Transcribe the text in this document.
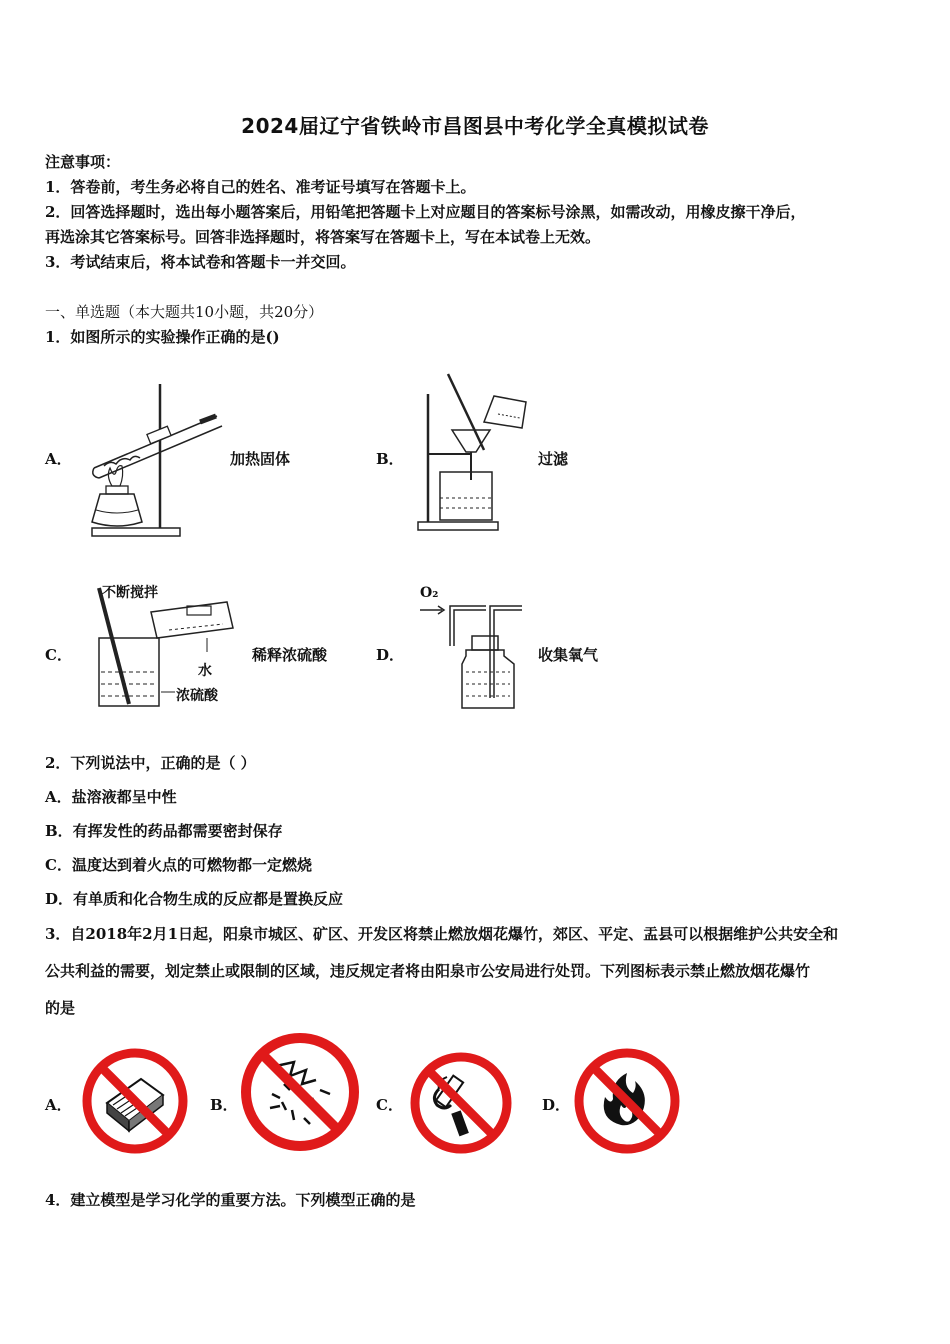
2024届辽宁省铁岭市昌图县中考化学全真模拟试卷
注意事项：
1．答卷前，考生务必将自己的姓名、准考证号填写在答题卡上。
2．回答选择题时，选出每小题答案后，用铅笔把答题卡上对应题目的答案标号涂黑，如需改动，用橡皮擦干净后，
再选涂其它答案标号。回答非选择题时，将答案写在答题卡上，写在本试卷上无效。
3．考试结束后，将本试卷和答题卡一并交回。
一、单选题（本大题共10小题，共20分）
1．如图所示的实验操作正确的是()
A．	加热固体	B．	过滤
C．
不断搅拌
水
浓硫酸
稀释浓硫酸	D．
O₂
收集氧气
2．下列说法中，正确的是（ ）
A．盐溶液都呈中性
B．有挥发性的药品都需要密封保存
C．温度达到着火点的可燃物都一定燃烧
D．有单质和化合物生成的反应都是置换反应
3．自2018年2月1日起，阳泉市城区、矿区、开发区将禁止燃放烟花爆竹，郊区、平定、盂县可以根据维护公共安全和
公共利益的需要，划定禁止或限制的区域，违反规定者将由阳泉市公安局进行处罚。下列图标表示禁止燃放烟花爆竹
的是
A．	B．	C．	D．
4．建立模型是学习化学的重要方法。下列模型正确的是
